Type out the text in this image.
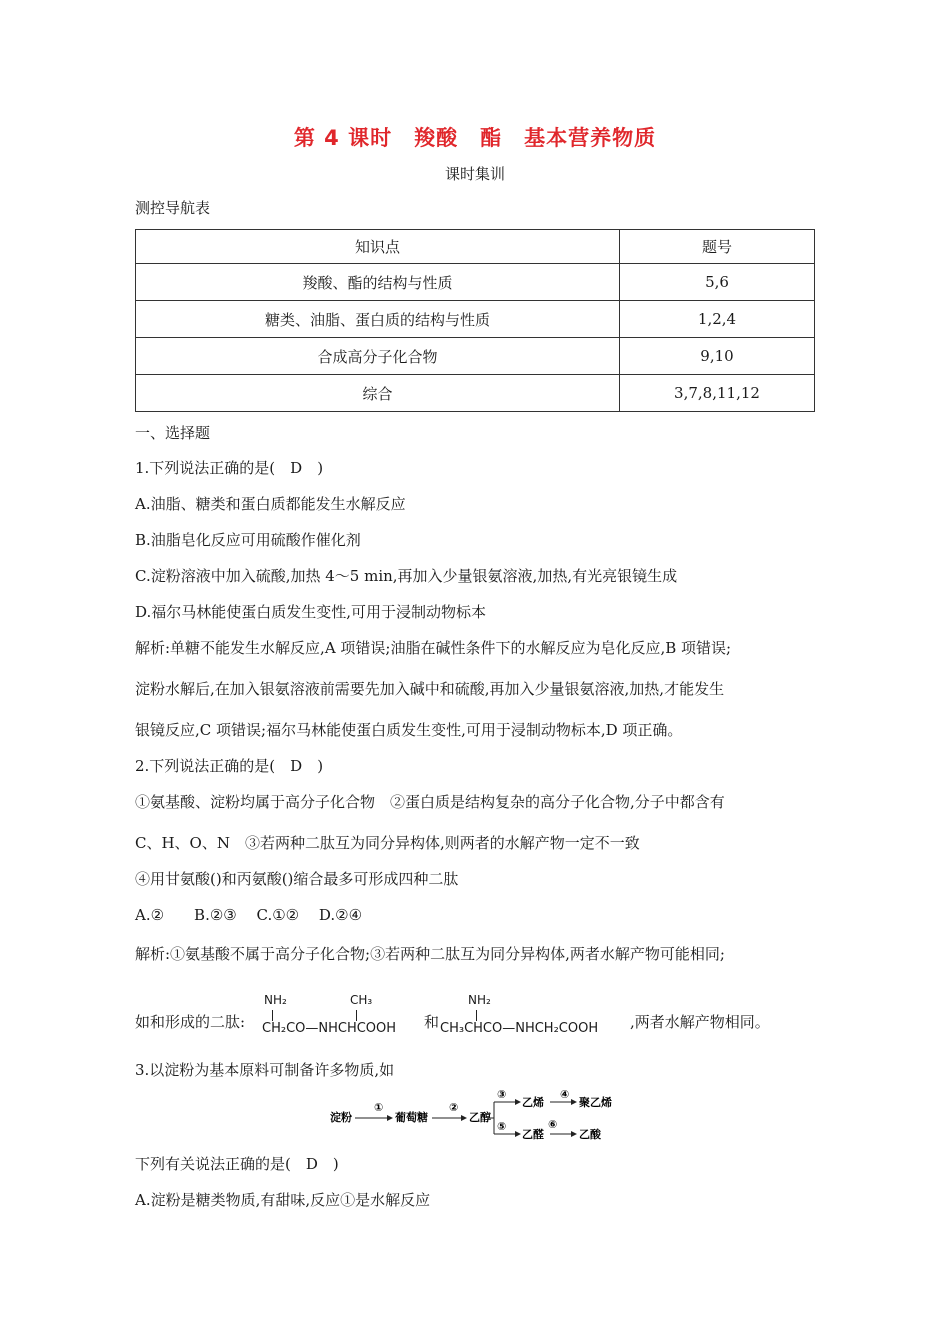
第 4 课时　羧酸　酯　基本营养物质
课时集训
测控导航表
知识点	题号
羧酸、酯的结构与性质	5,6
糖类、油脂、蛋白质的结构与性质	1,2,4
合成高分子化合物	9,10
综合	3,7,8,11,12
一、选择题
1.下列说法正确的是(　D　)
A.油脂、糖类和蛋白质都能发生水解反应
B.油脂皂化反应可用硫酸作催化剂
C.淀粉溶液中加入硫酸,加热 4～5 min,再加入少量银氨溶液,加热,有光亮银镜生成
D.福尔马林能使蛋白质发生变性,可用于浸制动物标本
解析:单糖不能发生水解反应,A 项错误;油脂在碱性条件下的水解反应为皂化反应,B 项错误;
淀粉水解后,在加入银氨溶液前需要先加入碱中和硫酸,再加入少量银氨溶液,加热,才能发生
银镜反应,C 项错误;福尔马林能使蛋白质发生变性,可用于浸制动物标本,D 项正确。
2.下列说法正确的是(　D　)
①氨基酸、淀粉均属于高分子化合物　②蛋白质是结构复杂的高分子化合物,分子中都含有
C、H、O、N　③若两种二肽互为同分异构体,则两者的水解产物一定不一致
④用甘氨酸()和丙氨酸()缩合最多可形成四种二肽
A.②　　B.②③　 C.①②　 D.②④
解析:①氨基酸不属于高分子化合物;③若两种二肽互为同分异构体,两者水解产物可能相同;
如和形成的二肽:
NH₂	CH₃
CH₂CO—NHCHCOOH 和
NH₂
CH₃CHCO—NHCH₂COOH ,两者水解产物相同。
3.以淀粉为基本原料可制备许多物质,如
淀粉
①
葡萄糖
②
乙醇
③
乙烯
④
聚乙烯
⑤
乙醛
⑥
乙酸
下列有关说法正确的是(　D　)
A.淀粉是糖类物质,有甜味,反应①是水解反应
